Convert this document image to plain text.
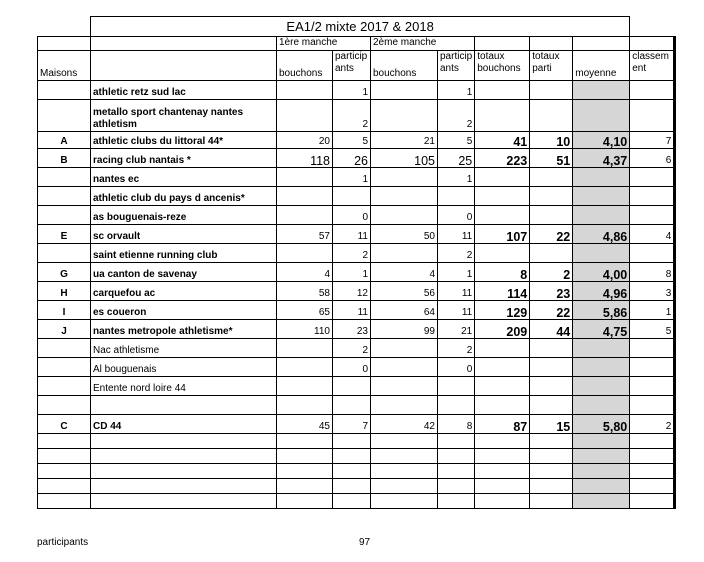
	EA1/2 mixte 2017 & 2018								
		1ère manche		2ème manche					
Maisons		bouchons	particip ants	bouchons	particip ants	totaux bouchons	totaux parti	moyenne	classem ent
	athletic retz sud lac		1		1				
	metallo sport chantenay nantes athletism		2		2				
A	athletic clubs du littoral 44*	20	5	21	5	41	10	4,10	7
B	racing club nantais *	118	26	105	25	223	51	4,37	6
	nantes ec		1		1				
	athletic club du pays d ancenis*								
	as bouguenais-reze		0		0				
E	sc orvault	57	11	50	11	107	22	4,86	4
	saint etienne running club		2		2				
G	ua canton de savenay	4	1	4	1	8	2	4,00	8
H	carquefou ac	58	12	56	11	114	23	4,96	3
I	es coueron	65	11	64	11	129	22	5,86	1
J	nantes metropole athletisme*	110	23	99	21	209	44	4,75	5
	Nac athletisme		2		2				
	Al bouguenais		0		0				
	Entente nord loire 44								

C	CD 44	45	7	42	8	87	15	5,80	2

participants	97
